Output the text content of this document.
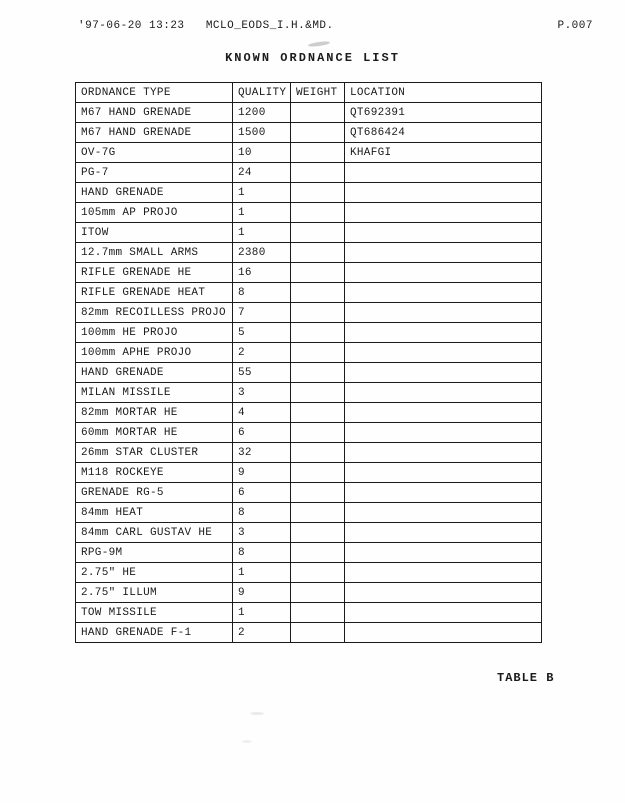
'97-06-20 13:23   MCLO_EODS_I.H.&MD.	P.007
KNOWN ORDNANCE LIST
ORDNANCE TYPE	QUALITY	WEIGHT	LOCATION
M67 HAND GRENADE	1200		QT692391
M67 HAND GRENADE	1500		QT686424
OV-7G	10		KHAFGI
PG-7	24		
HAND GRENADE	1		
105mm AP PROJO	1		
ITOW	1		
12.7mm SMALL ARMS	2380		
RIFLE GRENADE HE	16		
RIFLE GRENADE HEAT	8		
82mm RECOILLESS PROJO	7		
100mm HE PROJO	5		
100mm APHE PROJO	2		
HAND GRENADE	55		
MILAN MISSILE	3		
82mm MORTAR HE	4		
60mm MORTAR HE	6		
26mm STAR CLUSTER	32		
M118 ROCKEYE	9		
GRENADE RG-5	6		
84mm HEAT	8		
84mm CARL GUSTAV HE	3		
RPG-9M	8		
2.75" HE	1		
2.75" ILLUM	9		
TOW MISSILE	1		
HAND GRENADE F-1	2		
TABLE B
